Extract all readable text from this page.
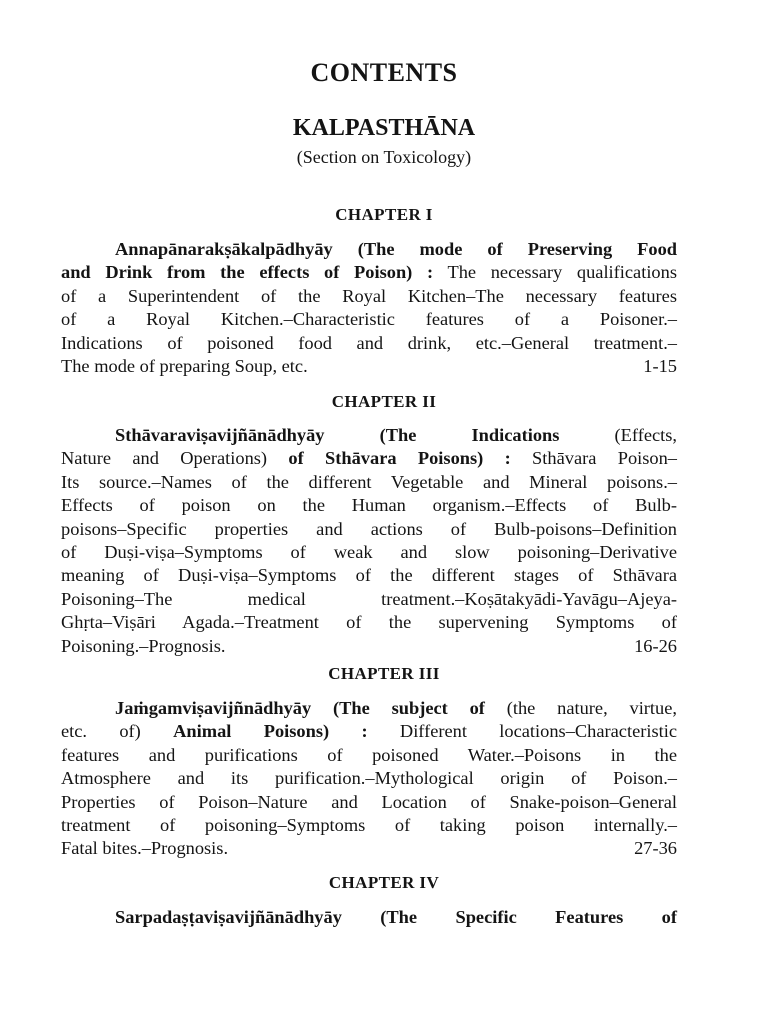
CONTENTS
KALPASTHĀNA
(Section on Toxicology)
CHAPTER I
Annapānarakṣākalpādhyāy (The mode of Preserving Food
and Drink from the effects of Poison) : The necessary qualifications
of a Superintendent of the Royal Kitchen–The necessary features
of a Royal Kitchen.–Characteristic features of a Poisoner.–
Indications of poisoned food and drink, etc.–General treatment.–
The mode of preparing Soup, etc.	1-15
CHAPTER II
Sthāvaraviṣavijñānādhyāy (The Indications (Effects,
Nature and Operations) of Sthāvara Poisons) : Sthāvara Poison–
Its source.–Names of the different Vegetable and Mineral poisons.–
Effects of poison on the Human organism.–Effects of Bulb-
poisons–Specific properties and actions of Bulb-poisons–Definition
of Duṣi-viṣa–Symptoms of weak and slow poisoning–Derivative
meaning of Duṣi-viṣa–Symptoms of the different stages of Sthāvara
Poisoning–The medical treatment.–Koṣātakyādi-Yavāgu–Ajeya-
Ghṛta–Viṣāri Agada.–Treatment of the supervening Symptoms of
Poisoning.–Prognosis.	16-26
CHAPTER III
Jaṁgamviṣavijñnādhyāy (The subject of (the nature, virtue,
etc. of) Animal Poisons) : Different locations–Characteristic
features and purifications of poisoned Water.–Poisons in the
Atmosphere and its purification.–Mythological origin of Poison.–
Properties of Poison–Nature and Location of Snake-poison–General
treatment of poisoning–Symptoms of taking poison internally.–
Fatal bites.–Prognosis.	27-36
CHAPTER IV
Sarpadaṣṭaviṣavijñānādhyāy (The Specific Features of
